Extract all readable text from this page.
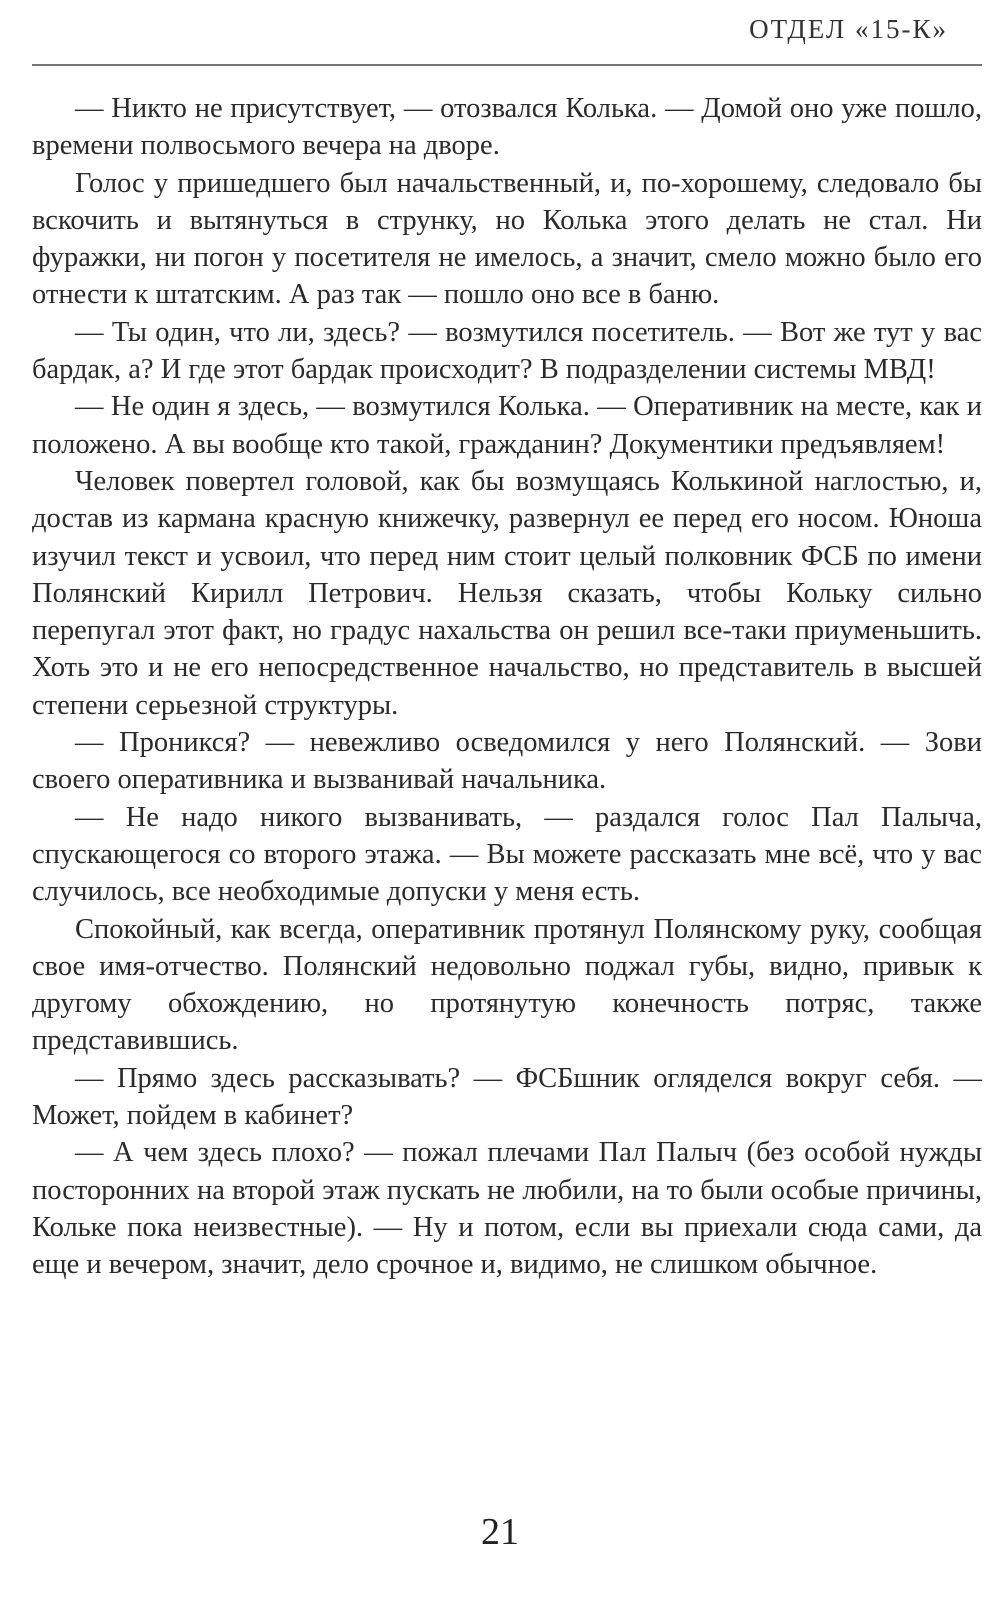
ОТДЕЛ «15-К»

— Никто не присутствует, — отозвался Колька. — Домой оно уже пошло, времени полвосьмого вечера на дворе.

Голос у пришедшего был начальственный, и, по-хорошему, следовало бы вскочить и вытянуться в струнку, но Колька этого делать не стал. Ни фуражки, ни погон у посетителя не имелось, а значит, смело можно было его отнести к штатским. А раз так — пошло оно все в баню.

— Ты один, что ли, здесь? — возмутился посетитель. — Вот же тут у вас бардак, а? И где этот бардак происходит? В подразделении системы МВД!

— Не один я здесь, — возмутился Колька. — Оперативник на месте, как и положено. А вы вообще кто такой, гражданин? Документики предъявляем!

Человек повертел головой, как бы возмущаясь Колькиной наглостью, и, достав из кармана красную книжечку, развернул ее перед его носом. Юноша изучил текст и усвоил, что перед ним стоит целый полковник ФСБ по имени Полянский Кирилл Петрович. Нельзя сказать, чтобы Кольку сильно перепугал этот факт, но градус нахальства он решил все-таки приуменьшить. Хоть это и не его непосредственное начальство, но представитель в высшей степени серьезной структуры.

— Проникся? — невежливо осведомился у него Полянский. — Зови своего оперативника и вызванивай начальника.

— Не надо никого вызванивать, — раздался голос Пал Палыча, спускающегося со второго этажа. — Вы можете рассказать мне всё, что у вас случилось, все необходимые допуски у меня есть.

Спокойный, как всегда, оперативник протянул Полянскому руку, сообщая свое имя-отчество. Полянский недовольно поджал губы, видно, привык к другому обхождению, но протянутую конечность потряс, также представившись.

— Прямо здесь рассказывать? — ФСБшник огляделся вокруг себя. — Может, пойдем в кабинет?

— А чем здесь плохо? — пожал плечами Пал Палыч (без особой нужды посторонних на второй этаж пускать не любили, на то были особые причины, Кольке пока неизвестные). — Ну и потом, если вы приехали сюда сами, да еще и вечером, значит, дело срочное и, видимо, не слишком обычное.

21
